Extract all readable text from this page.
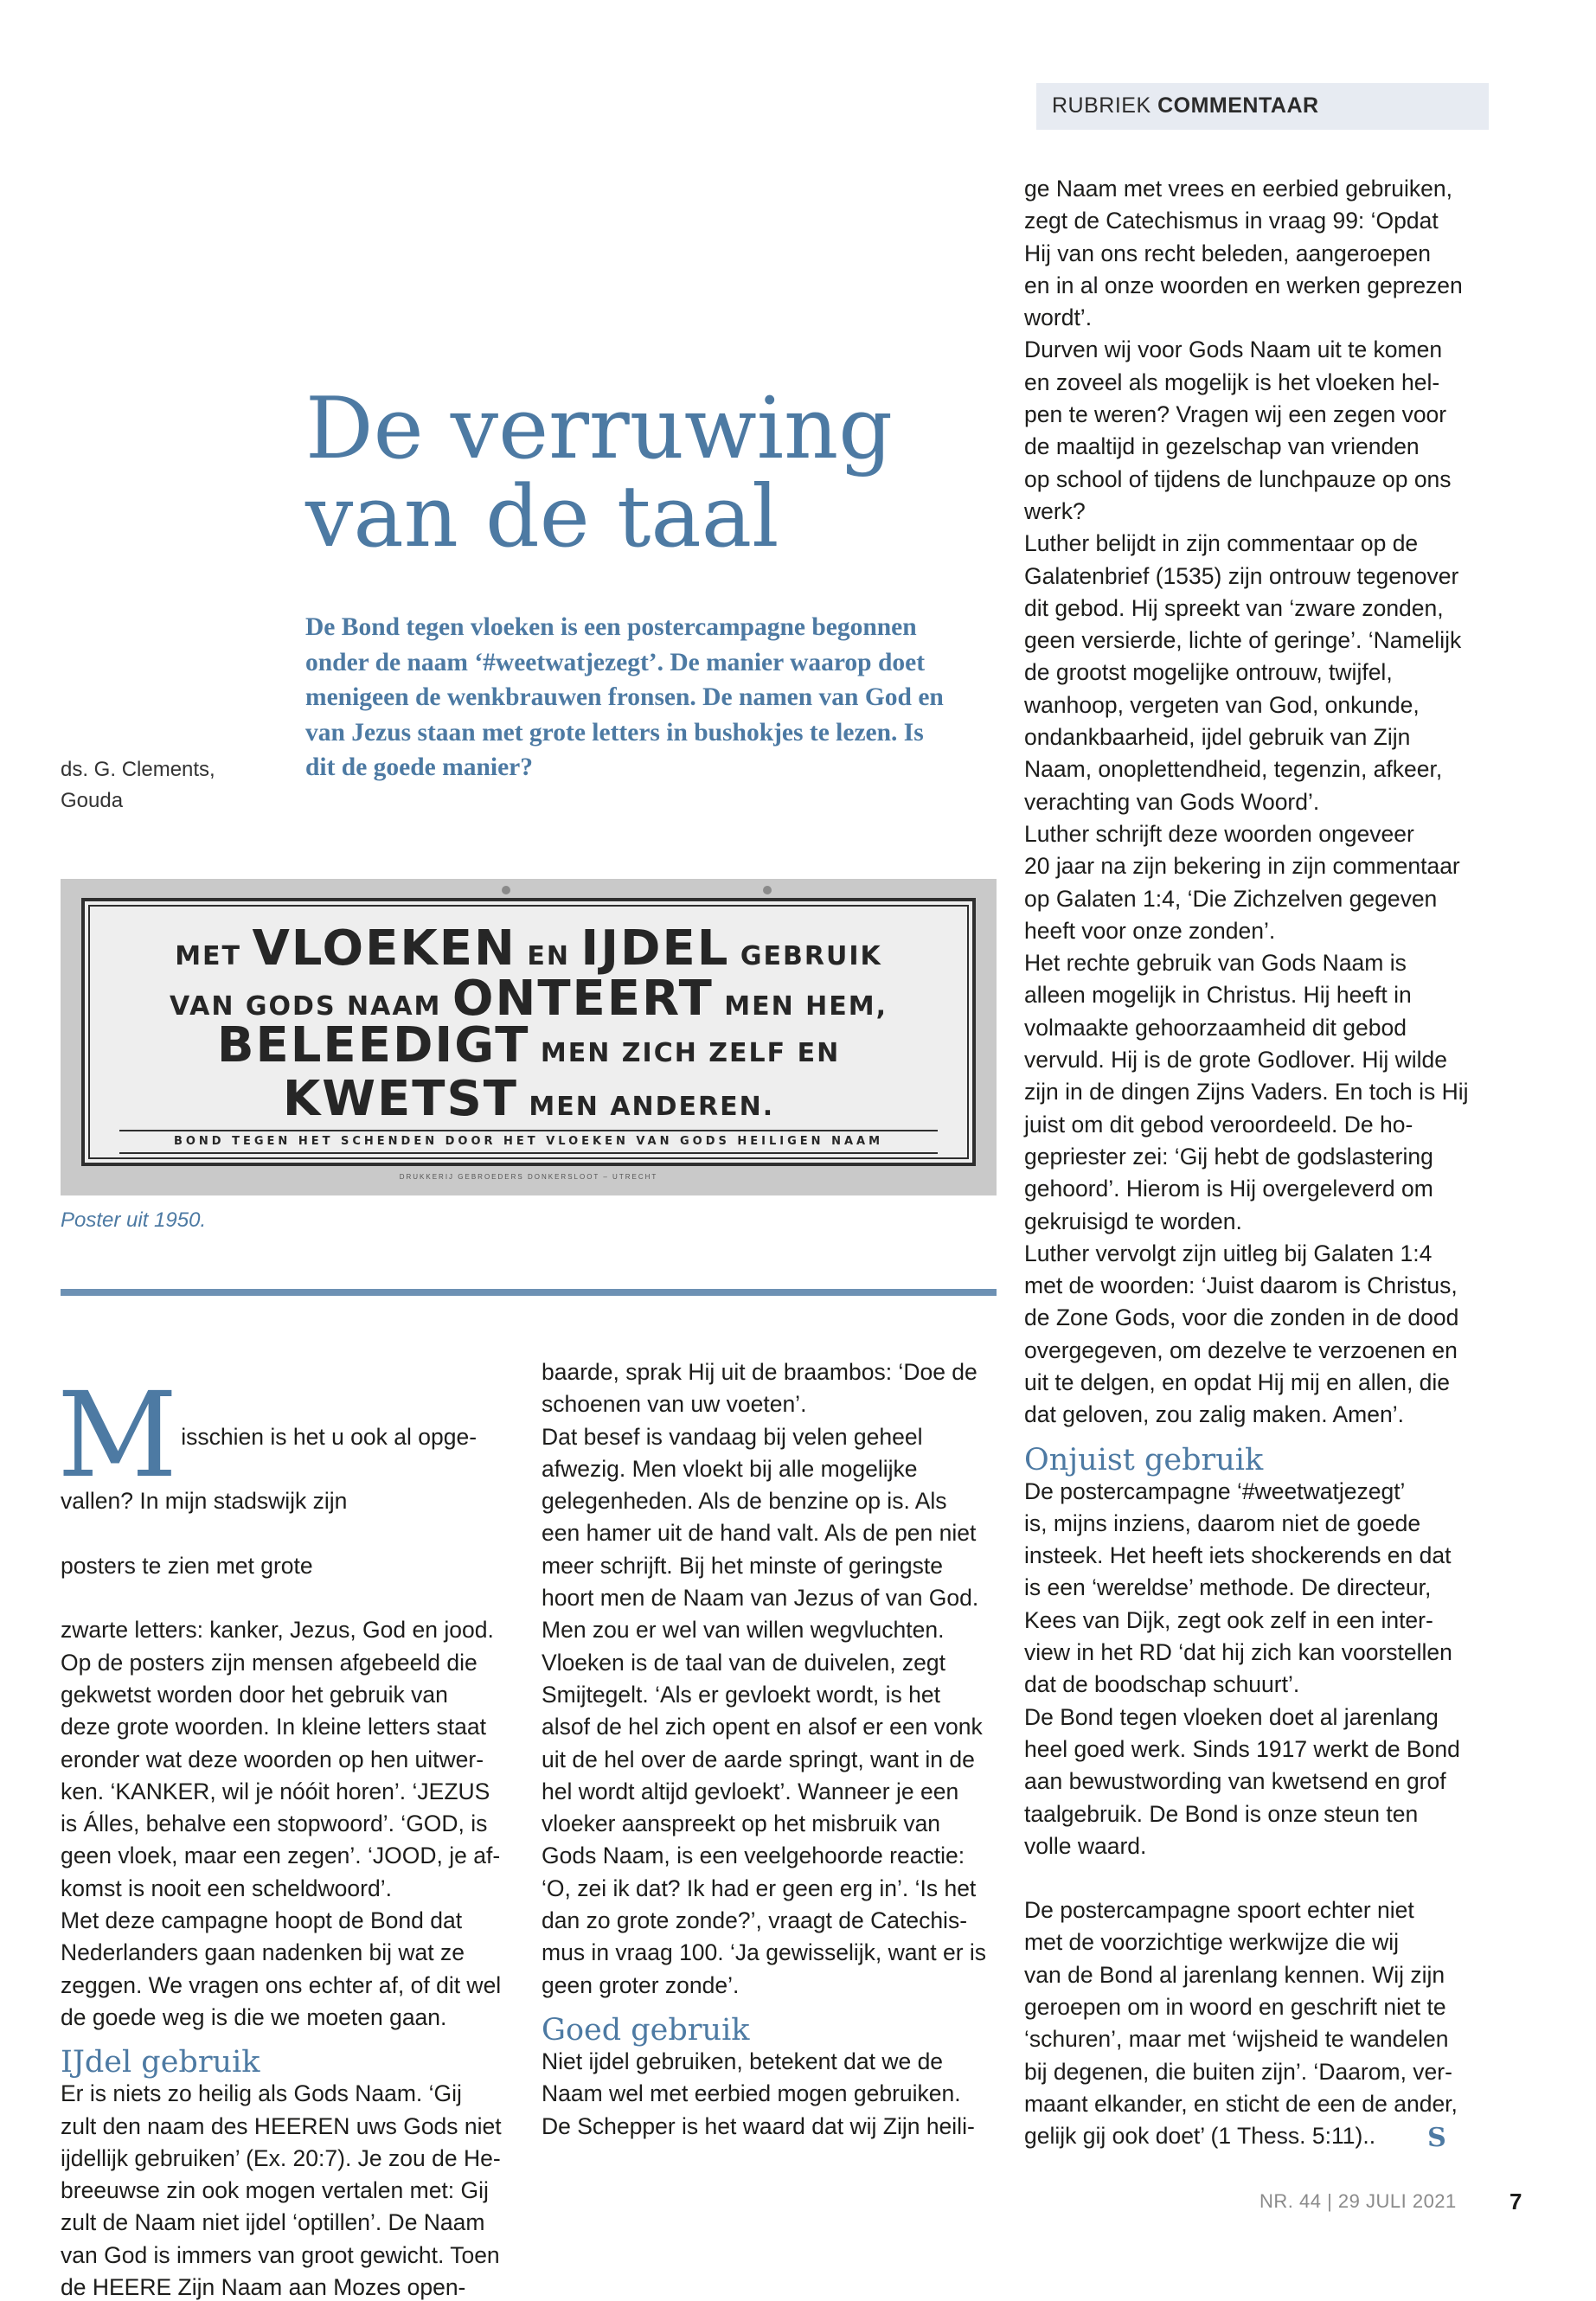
RUBRIEK COMMENTAAR
De verruwing
van de taal

De Bond tegen vloeken is een postercampagne begonnen onder de naam ‘#weetwatjezegt’. De manier waarop doet menigeen de wenkbrauwen fronsen. De namen van God en van Jezus staan met grote letters in bushokjes te lezen. Is dit de goede manier?

ds. G. Clements,
Gouda
MET VLOEKEN EN IJDEL GEBRUIK
VAN GODS NAAM ONTEERT MEN HEM,
BELEEDIGT MEN ZICH ZELF EN
KWETST MEN ANDEREN.
BOND TEGEN HET SCHENDEN DOOR HET VLOEKEN VAN GODS HEILIGEN NAAM
DRUKKERIJ GEBROEDERS DONKERSLOOT – UTRECHT

Poster uit 1950.

M isschien is het u ook al opge-

vallen? In mijn stadswijk zijn

posters te zien met grote

zwarte letters: kanker, Jezus, God en jood.
Op de posters zijn mensen afgebeeld die
gekwetst worden door het gebruik van
deze grote woorden. In kleine letters staat
eronder wat deze woorden op hen uitwer-
ken. ‘KANKER, wil je nóóit horen’. ‘JEZUS
is Álles, behalve een stopwoord’. ‘GOD, is
geen vloek, maar een zegen’. ‘JOOD, je af-
komst is nooit een scheldwoord’.
Met deze campagne hoopt de Bond dat
Nederlanders gaan nadenken bij wat ze
zeggen. We vragen ons echter af, of dit wel
de goede weg is die we moeten gaan.

IJdel gebruik

Er is niets zo heilig als Gods Naam. ‘Gij
zult den naam des HEEREN uws Gods niet
ijdellijk gebruiken’ (Ex. 20:7). Je zou de He-
breeuwse zin ook mogen vertalen met: Gij
zult de Naam niet ijdel ‘optillen’. De Naam
van God is immers van groot gewicht. Toen
de HEERE Zijn Naam aan Mozes open-

baarde, sprak Hij uit de braambos: ‘Doe de
schoenen van uw voeten’.
Dat besef is vandaag bij velen geheel
afwezig. Men vloekt bij alle mogelijke
gelegenheden. Als de benzine op is. Als
een hamer uit de hand valt. Als de pen niet
meer schrijft. Bij het minste of geringste
hoort men de Naam van Jezus of van God.
Men zou er wel van willen wegvluchten.
Vloeken is de taal van de duivelen, zegt
Smijtegelt. ‘Als er gevloekt wordt, is het
alsof de hel zich opent en alsof er een vonk
uit de hel over de aarde springt, want in de
hel wordt altijd gevloekt’. Wanneer je een
vloeker aanspreekt op het misbruik van
Gods Naam, is een veelgehoorde reactie:
‘O, zei ik dat? Ik had er geen erg in’. ‘Is het
dan zo grote zonde?’, vraagt de Catechis-
mus in vraag 100. ‘Ja gewisselijk, want er is
geen groter zonde’.

Goed gebruik

Niet ijdel gebruiken, betekent dat we de
Naam wel met eerbied mogen gebruiken.
De Schepper is het waard dat wij Zijn heili-

ge Naam met vrees en eerbied gebruiken,
zegt de Catechismus in vraag 99: ‘Opdat
Hij van ons recht beleden, aangeroepen
en in al onze woorden en werken geprezen
wordt’.
Durven wij voor Gods Naam uit te komen
en zoveel als mogelijk is het vloeken hel-
pen te weren? Vragen wij een zegen voor
de maaltijd in gezelschap van vrienden
op school of tijdens de lunchpauze op ons
werk?
Luther belijdt in zijn commentaar op de
Galatenbrief (1535) zijn ontrouw tegenover
dit gebod. Hij spreekt van ‘zware zonden,
geen versierde, lichte of geringe’. ‘Namelijk
de grootst mogelijke ontrouw, twijfel,
wanhoop, vergeten van God, onkunde,
ondankbaarheid, ijdel gebruik van Zijn
Naam, onoplettendheid, tegenzin, afkeer,
verachting van Gods Woord’.
Luther schrijft deze woorden ongeveer
20 jaar na zijn bekering in zijn commentaar
op Galaten 1:4, ‘Die Zichzelven gegeven
heeft voor onze zonden’.
Het rechte gebruik van Gods Naam is
alleen mogelijk in Christus. Hij heeft in
volmaakte gehoorzaamheid dit gebod
vervuld. Hij is de grote Godlover. Hij wilde
zijn in de dingen Zijns Vaders. En toch is Hij
juist om dit gebod veroordeeld. De ho-
gepriester zei: ‘Gij hebt de godslastering
gehoord’. Hierom is Hij overgeleverd om
gekruisigd te worden.
Luther vervolgt zijn uitleg bij Galaten 1:4
met de woorden: ‘Juist daarom is Christus,
de Zone Gods, voor die zonden in de dood
overgegeven, om dezelve te verzoenen en
uit te delgen, en opdat Hij mij en allen, die
dat geloven, zou zalig maken. Amen’.

Onjuist gebruik

De postercampagne ‘#weetwatjezegt’
is, mijns inziens, daarom niet de goede
insteek. Het heeft iets shockerends en dat
is een ‘wereldse’ methode. De directeur,
Kees van Dijk, zegt ook zelf in een inter-
view in het RD ‘dat hij zich kan voorstellen
dat de boodschap schuurt’.
De Bond tegen vloeken doet al jarenlang
heel goed werk. Sinds 1917 werkt de Bond
aan bewustwording van kwetsend en grof
taalgebruik. De Bond is onze steun ten
volle waard.

De postercampagne spoort echter niet
met de voorzichtige werkwijze die wij
van de Bond al jarenlang kennen. Wij zijn
geroepen om in woord en geschrift niet te
‘schuren’, maar met ‘wijsheid te wandelen
bij degenen, die buiten zijn’. ‘Daarom, ver-
maant elkander, en sticht de een de ander,
gelijk gij ook doet’ (1 Thess. 5:11).. S

NR. 44 | 29 JULI 2021 7
